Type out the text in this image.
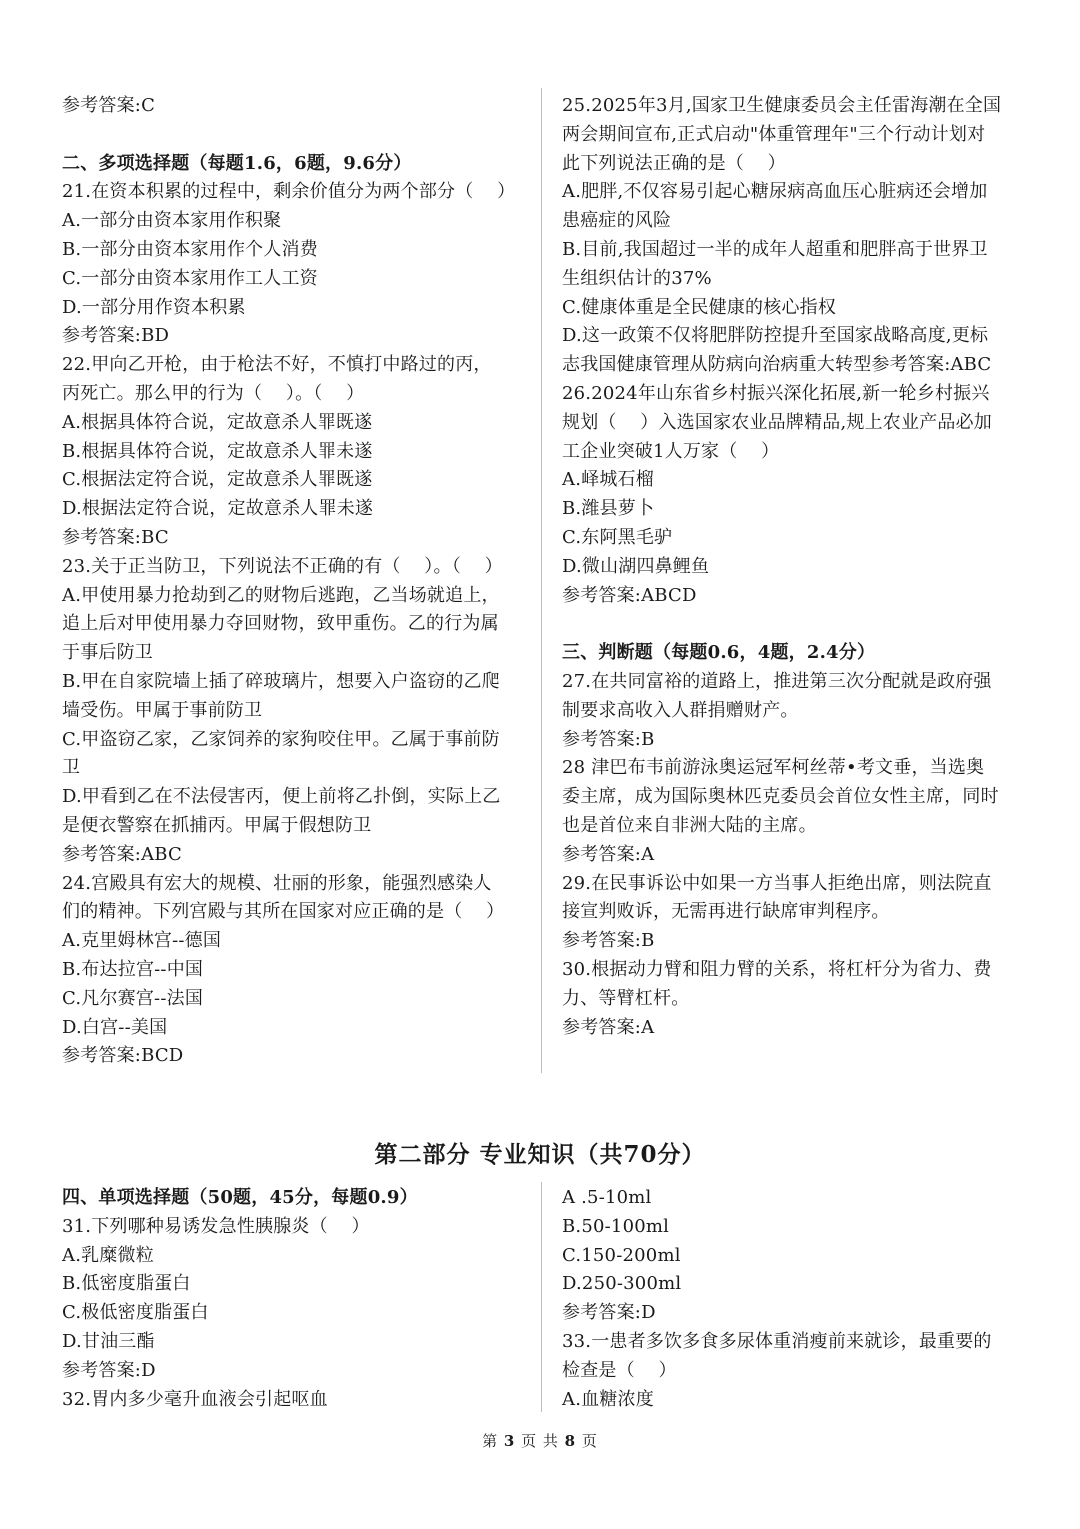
参考答案:C

二、多项选择题（每题1.6，6题，9.6分）

21.在资本积累的过程中，剩余价值分为两个部分（    ）

A.一部分由资本家用作积聚

B.一部分由资本家用作个人消费

C.一部分由资本家用作工人工资

D.一部分用作资本积累

参考答案:BD

22.甲向乙开枪，由于枪法不好，不慎打中路过的丙，

丙死亡。那么甲的行为（    ）。（    ）

A.根据具体符合说，定故意杀人罪既遂

B.根据具体符合说，定故意杀人罪未遂

C.根据法定符合说，定故意杀人罪既遂

D.根据法定符合说，定故意杀人罪未遂

参考答案:BC

23.关于正当防卫，下列说法不正确的有（    ）。（    ）

A.甲使用暴力抢劫到乙的财物后逃跑，乙当场就追上，

追上后对甲使用暴力夺回财物，致甲重伤。乙的行为属

于事后防卫

B.甲在自家院墙上插了碎玻璃片，想要入户盗窃的乙爬

墙受伤。甲属于事前防卫

C.甲盗窃乙家，乙家饲养的家狗咬住甲。乙属于事前防

卫

D.甲看到乙在不法侵害丙，便上前将乙扑倒，实际上乙

是便衣警察在抓捕丙。甲属于假想防卫

参考答案:ABC

24.宫殿具有宏大的规模、壮丽的形象，能强烈感染人

们的精神。下列宫殿与其所在国家对应正确的是（    ）

A.克里姆林宫--德国

B.布达拉宫--中国

C.凡尔赛宫--法国

D.白宫--美国

参考答案:BCD

25.2025年3月,国家卫生健康委员会主任雷海潮在全国

两会期间宣布,正式启动"体重管理年"三个行动计划对

此下列说法正确的是（    ）

A.肥胖,不仅容易引起心糖尿病高血压心脏病还会增加

患癌症的风险

B.目前,我国超过一半的成年人超重和肥胖高于世界卫

生组织估计的37%

C.健康体重是全民健康的核心指权

D.这一政策不仅将肥胖防控提升至国家战略高度,更标

志我国健康管理从防病向治病重大转型参考答案:ABC

26.2024年山东省乡村振兴深化拓展,新一轮乡村振兴

规划（    ）入选国家农业品牌精品,规上农业产品必加

工企业突破1人万家（    ）

A.峄城石榴

B.潍县萝卜

C.东阿黑毛驴

D.微山湖四鼻鲤鱼

参考答案:ABCD

三、判断题（每题0.6，4题，2.4分）

27.在共同富裕的道路上，推进第三次分配就是政府强

制要求高收入人群捐赠财产。

参考答案:B

28 津巴布韦前游泳奥运冠军柯丝蒂•考文垂，当选奥

委主席，成为国际奥林匹克委员会首位女性主席，同时

也是首位来自非洲大陆的主席。

参考答案:A

29.在民事诉讼中如果一方当事人拒绝出席，则法院直

接宣判败诉，无需再进行缺席审判程序。

参考答案:B

30.根据动力臂和阻力臂的关系，将杠杆分为省力、费

力、等臂杠杆。

参考答案:A

第二部分 专业知识（共70分）

四、单项选择题（50题，45分，每题0.9）

31.下列哪种易诱发急性胰腺炎（    ）

A.乳糜微粒

B.低密度脂蛋白

C.极低密度脂蛋白

D.甘油三酯

参考答案:D

32.胃内多少毫升血液会引起呕血

A .5-10ml

B.50-100ml

C.150-200ml

D.250-300ml

参考答案:D

33.一患者多饮多食多尿体重消瘦前来就诊，最重要的

检查是（    ）

A.血糖浓度

第 3 页 共 8 页
